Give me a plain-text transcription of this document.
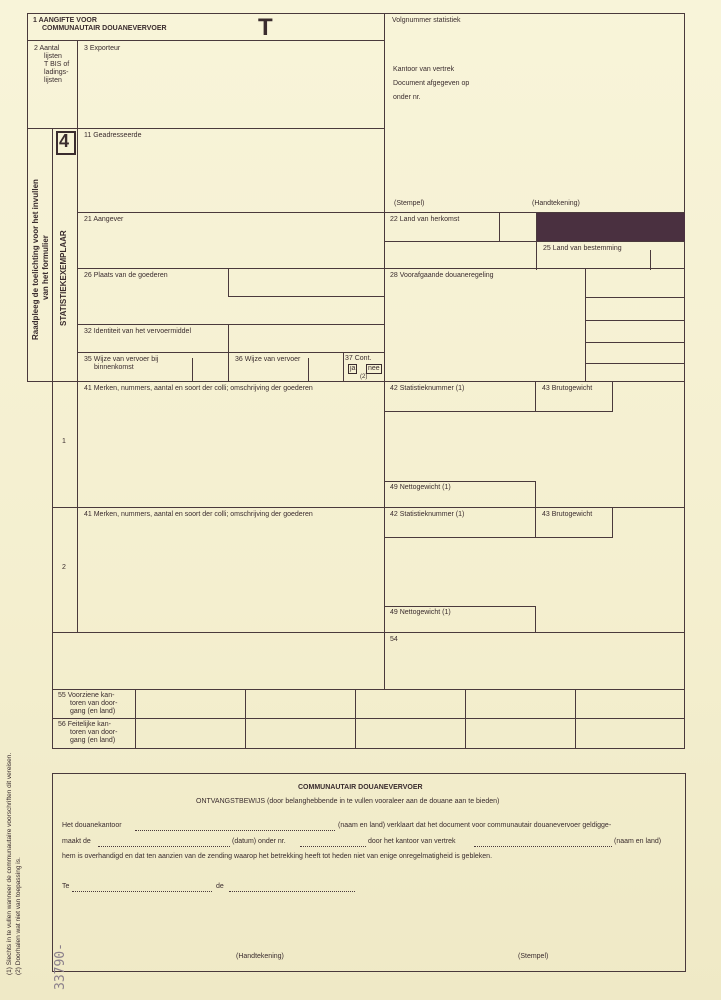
1 AANGIFTE VOOR
COMMUNAUTAIR DOUANEVERVOER	T	Volgnummer statistiek
2 Aantal
lijsten
T BIS of
ladings-
lijsten
3 Exporteur
Kantoor van vertrek
Document afgegeven op
onder nr.
(Stempel)	(Handtekening)
4
STATISTIEKEXEMPLAAR
Raadpleeg de toelichting voor het invullen van het formulier
11 Geadresseerde
21 Aangever	22 Land van herkomst
25 Land van bestemming
26 Plaats van de goederen	28 Voorafgaande douaneregeling
32 Identiteit van het vervoermiddel
35 Wijze van vervoer bij
binnenkomst
36 Wijze van vervoer	37 Cont.
ja nee
(2)
1
41 Merken, nummers, aantal en soort der colli; omschrijving der goederen	42 Statistieknummer (1)	43 Brutogewicht
49 Nettogewicht (1)
2
41 Merken, nummers, aantal en soort der colli; omschrijving der goederen	42 Statistieknummer (1)	43 Brutogewicht
49 Nettogewicht (1)
54
55 Voorziene kan-
toren van door-
gang (en land)
56 Feitelijke kan-
toren van door-
gang (en land)
(1) Slechts in te vullen wanneer de communautaire voorschriften dit vereisen. (2) Doorhalen wat niet van toepassing is.
COMMUNAUTAIR DOUANEVERVOER
ONTVANGSTBEWIJS (door belanghebbende in te vullen vooraleer aan de douane aan te bieden)
Het douanekantoor	(naam en land) verklaart dat het document voor communautair douanevervoer geldigge-
maakt de	(datum) onder nr.	door het kantoor van vertrek	(naam en land)
hem is overhandigd en dat ten aanzien van de zending waarop het betrekking heeft tot heden niet van enige onregelmatigheid is gebleken.
Te	de
(Handtekening)	(Stempel)
33790-
